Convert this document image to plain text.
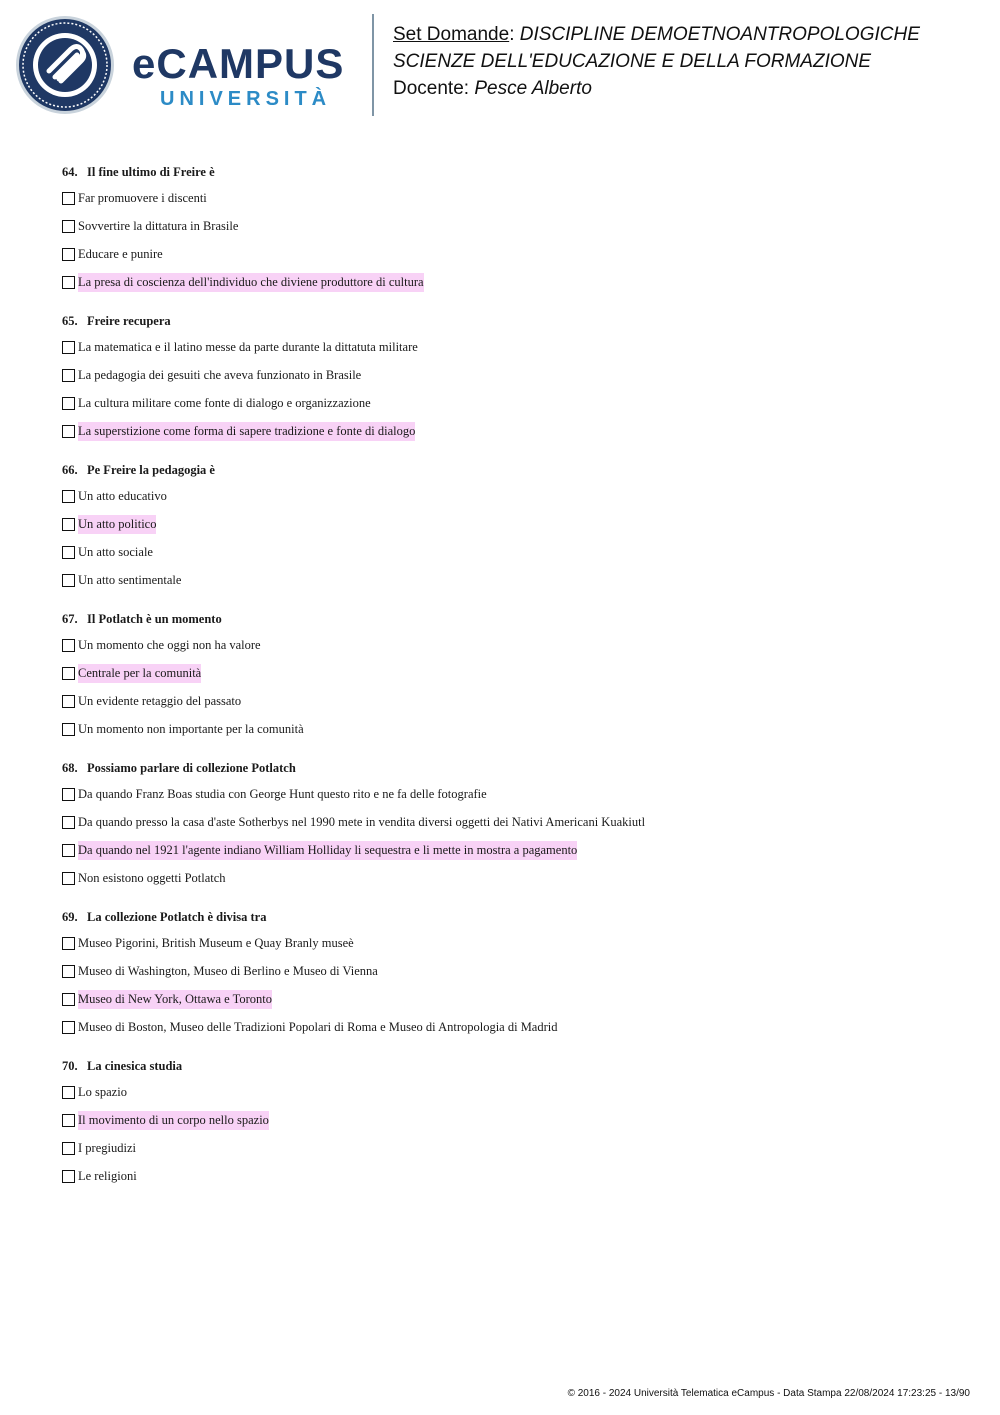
eCAMPUS
UNIVERSITÀ
Set Domande: DISCIPLINE DEMOETNOANTROPOLOGICHE
SCIENZE DELL'EDUCAZIONE E DELLA FORMAZIONE
Docente: Pesce Alberto
64. Il fine ultimo di Freire è
Far promuovere i discenti
Sovvertire la dittatura in Brasile
Educare e punire
La presa di coscienza dell'individuo che diviene produttore di cultura
65. Freire recupera
La matematica e il latino messe da parte durante la dittatuta militare
La pedagogia dei gesuiti che aveva funzionato in Brasile
La cultura militare come fonte di dialogo e organizzazione
La superstizione come forma di sapere tradizione e fonte di dialogo
66. Pe Freire la pedagogia è
Un atto educativo
Un atto politico
Un atto sociale
Un atto sentimentale
67. Il Potlatch è un momento
Un momento che oggi non ha valore
Centrale per la comunità
Un evidente retaggio del passato
Un momento non importante per la comunità
68. Possiamo parlare di collezione Potlatch
Da quando Franz Boas studia con George Hunt questo rito e ne fa delle fotografie
Da quando presso la casa d'aste Sotherbys nel 1990 mete in vendita diversi oggetti dei Nativi Americani Kuakiutl
Da quando nel 1921 l'agente indiano William Holliday li sequestra e li mette in mostra a pagamento
Non esistono oggetti Potlatch
69. La collezione Potlatch è divisa tra
Museo Pigorini, British Museum e Quay Branly museè
Museo di Washington, Museo di Berlino e Museo di Vienna
Museo di New York, Ottawa e Toronto
Museo di Boston, Museo delle Tradizioni Popolari di Roma e Museo di Antropologia di Madrid
70. La cinesica studia
Lo spazio
Il movimento di un corpo nello spazio
I pregiudizi
Le religioni
© 2016 - 2024 Università Telematica eCampus - Data Stampa 22/08/2024 17:23:25 - 13/90
